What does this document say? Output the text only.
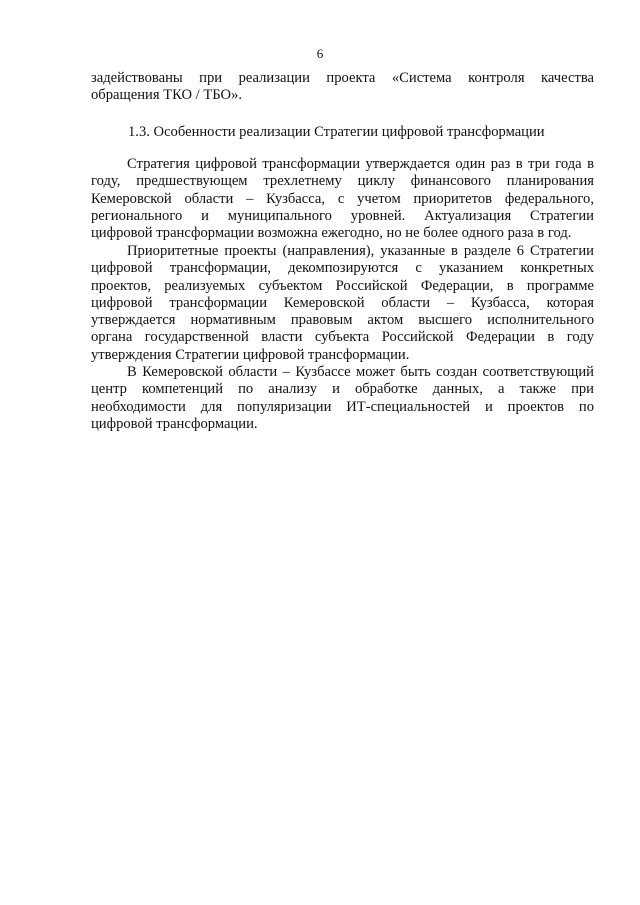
6
задействованы при реализации проекта «Система контроля качества
обращения ТКО / ТБО».
1.3. Особенности реализации Стратегии цифровой трансформации
Стратегия цифровой трансформации утверждается один раз в три года в
году, предшествующем трехлетнему циклу финансового планирования
Кемеровской области – Кузбасса, с учетом приоритетов федерального,
регионального и муниципального уровней. Актуализация Стратегии
цифровой трансформации возможна ежегодно, но не более одного раза в год.
Приоритетные проекты (направления), указанные в разделе 6 Стратегии
цифровой трансформации, декомпозируются с указанием конкретных
проектов, реализуемых субъектом Российской Федерации, в программе
цифровой трансформации Кемеровской области – Кузбасса, которая
утверждается нормативным правовым актом высшего исполнительного
органа государственной власти субъекта Российской Федерации в году
утверждения Стратегии цифровой трансформации.
В Кемеровской области – Кузбассе может быть создан соответствующий
центр компетенций по анализу и обработке данных, а также при
необходимости для популяризации ИТ-специальностей и проектов по
цифровой трансформации.
